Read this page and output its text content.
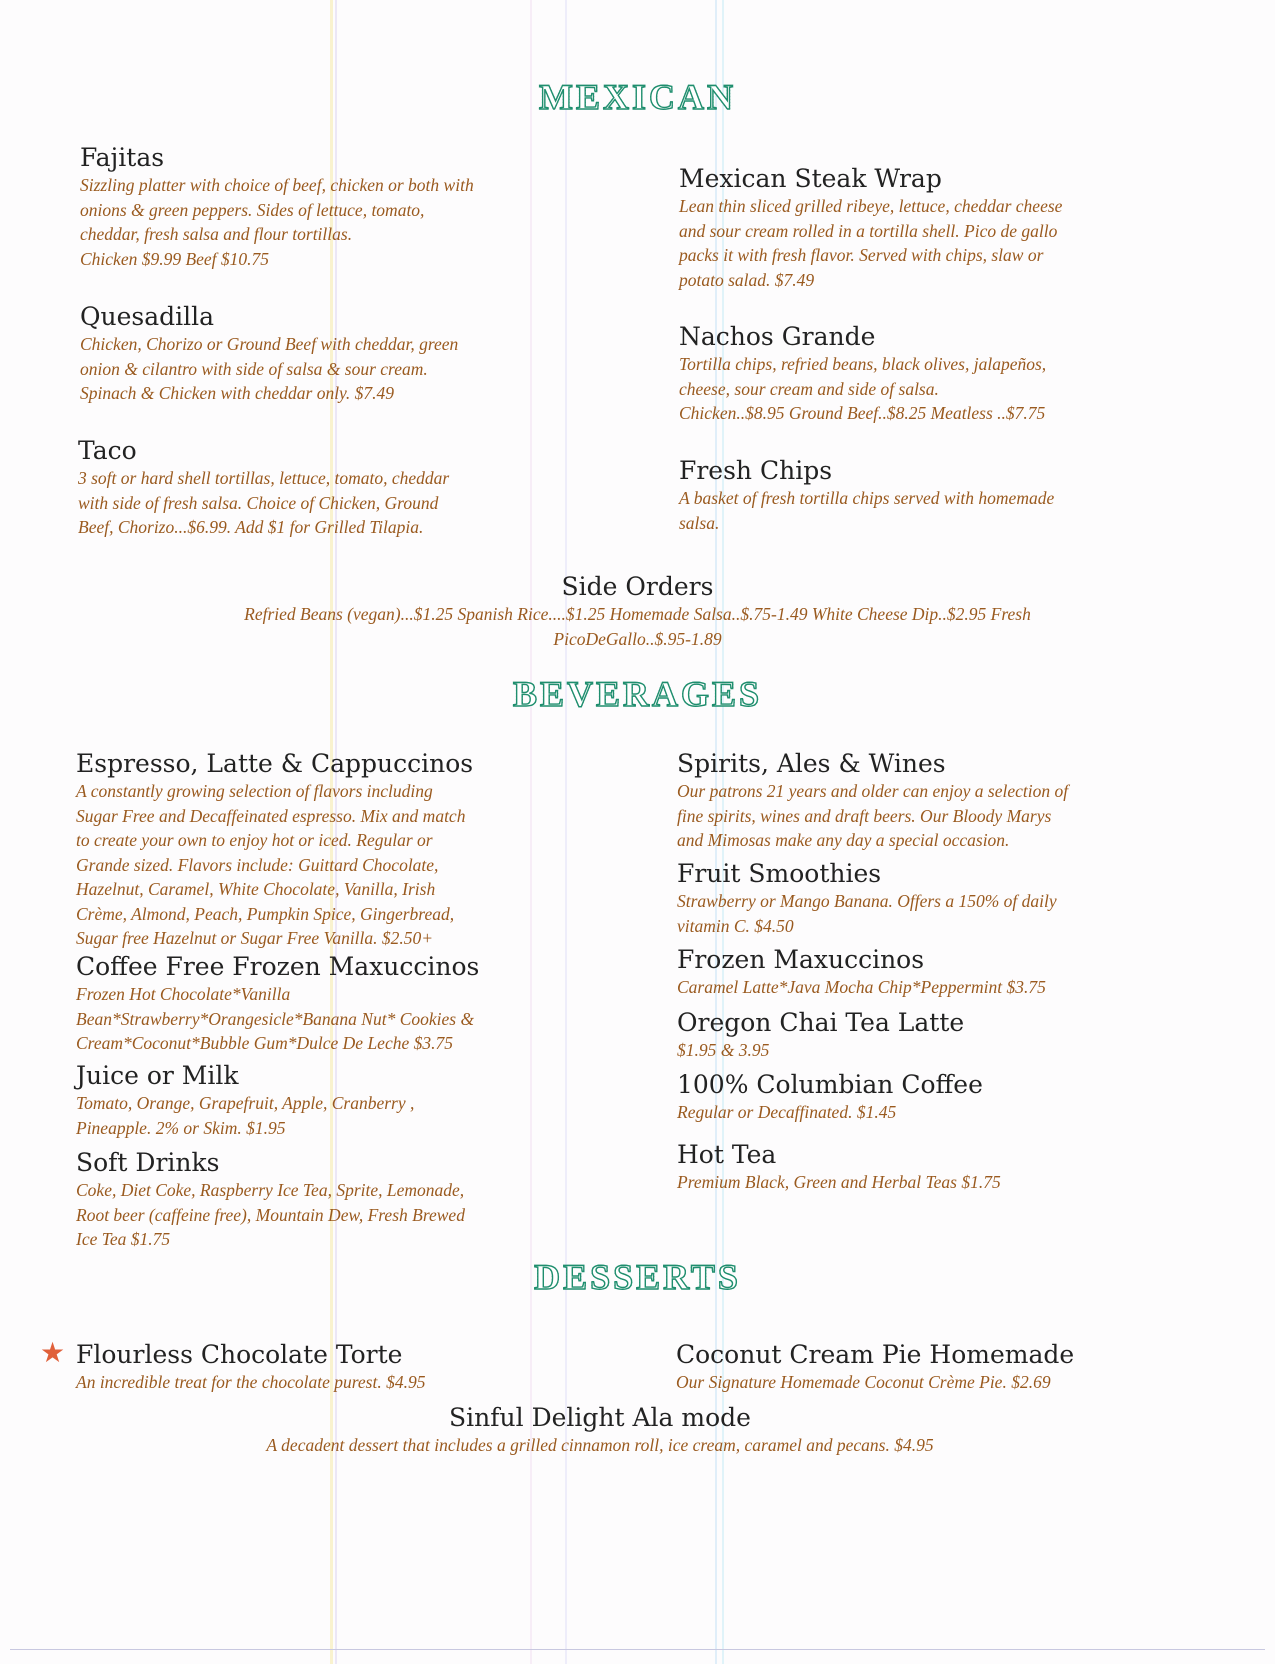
MEXICAN
Fajitas
Sizzling platter with choice of beef, chicken or both with
onions & green peppers. Sides of lettuce, tomato,
cheddar, fresh salsa and flour tortillas.
Chicken $9.99 Beef $10.75
Quesadilla
Chicken, Chorizo or Ground Beef with cheddar, green
onion & cilantro with side of salsa & sour cream.
Spinach & Chicken with cheddar only. $7.49
Taco
3 soft or hard shell tortillas, lettuce, tomato, cheddar
with side of fresh salsa. Choice of Chicken, Ground
Beef, Chorizo...$6.99. Add $1 for Grilled Tilapia.
Mexican Steak Wrap
Lean thin sliced grilled ribeye, lettuce, cheddar cheese
and sour cream rolled in a tortilla shell. Pico de gallo
packs it with fresh flavor. Served with chips, slaw or
potato salad. $7.49
Nachos Grande
Tortilla chips, refried beans, black olives, jalapeños,
cheese, sour cream and side of salsa.
Chicken..$8.95 Ground Beef..$8.25 Meatless ..$7.75
Fresh Chips
A basket of fresh tortilla chips served with homemade
salsa.
Side Orders
Refried Beans (vegan)...$1.25 Spanish Rice....$1.25 Homemade Salsa..$.75-1.49 White Cheese Dip..$2.95 Fresh
PicoDeGallo..$.95-1.89
BEVERAGES
Espresso, Latte & Cappuccinos
A constantly growing selection of flavors including
Sugar Free and Decaffeinated espresso. Mix and match
to create your own to enjoy hot or iced. Regular or
Grande sized. Flavors include: Guittard Chocolate,
Hazelnut, Caramel, White Chocolate, Vanilla, Irish
Crème, Almond, Peach, Pumpkin Spice, Gingerbread,
Sugar free Hazelnut or Sugar Free Vanilla. $2.50+
Coffee Free Frozen Maxuccinos
Frozen Hot Chocolate*Vanilla
Bean*Strawberry*Orangesicle*Banana Nut* Cookies &
Cream*Coconut*Bubble Gum*Dulce De Leche $3.75
Juice or Milk
Tomato, Orange, Grapefruit, Apple, Cranberry ,
Pineapple. 2% or Skim. $1.95
Soft Drinks
Coke, Diet Coke, Raspberry Ice Tea, Sprite, Lemonade,
Root beer (caffeine free), Mountain Dew, Fresh Brewed
Ice Tea $1.75
Spirits, Ales & Wines
Our patrons 21 years and older can enjoy a selection of
fine spirits, wines and draft beers. Our Bloody Marys
and Mimosas make any day a special occasion.
Fruit Smoothies
Strawberry or Mango Banana. Offers a 150% of daily
vitamin C. $4.50
Frozen Maxuccinos
Caramel Latte*Java Mocha Chip*Peppermint $3.75
Oregon Chai Tea Latte
$1.95 & 3.95
100% Columbian Coffee
Regular or Decaffinated. $1.45
Hot Tea
Premium Black, Green and Herbal Teas $1.75
DESSERTS
★ Flourless Chocolate Torte
An incredible treat for the chocolate purest. $4.95
Coconut Cream Pie Homemade
Our Signature Homemade Coconut Crème Pie. $2.69
Sinful Delight Ala mode
A decadent dessert that includes a grilled cinnamon roll, ice cream, caramel and pecans. $4.95
